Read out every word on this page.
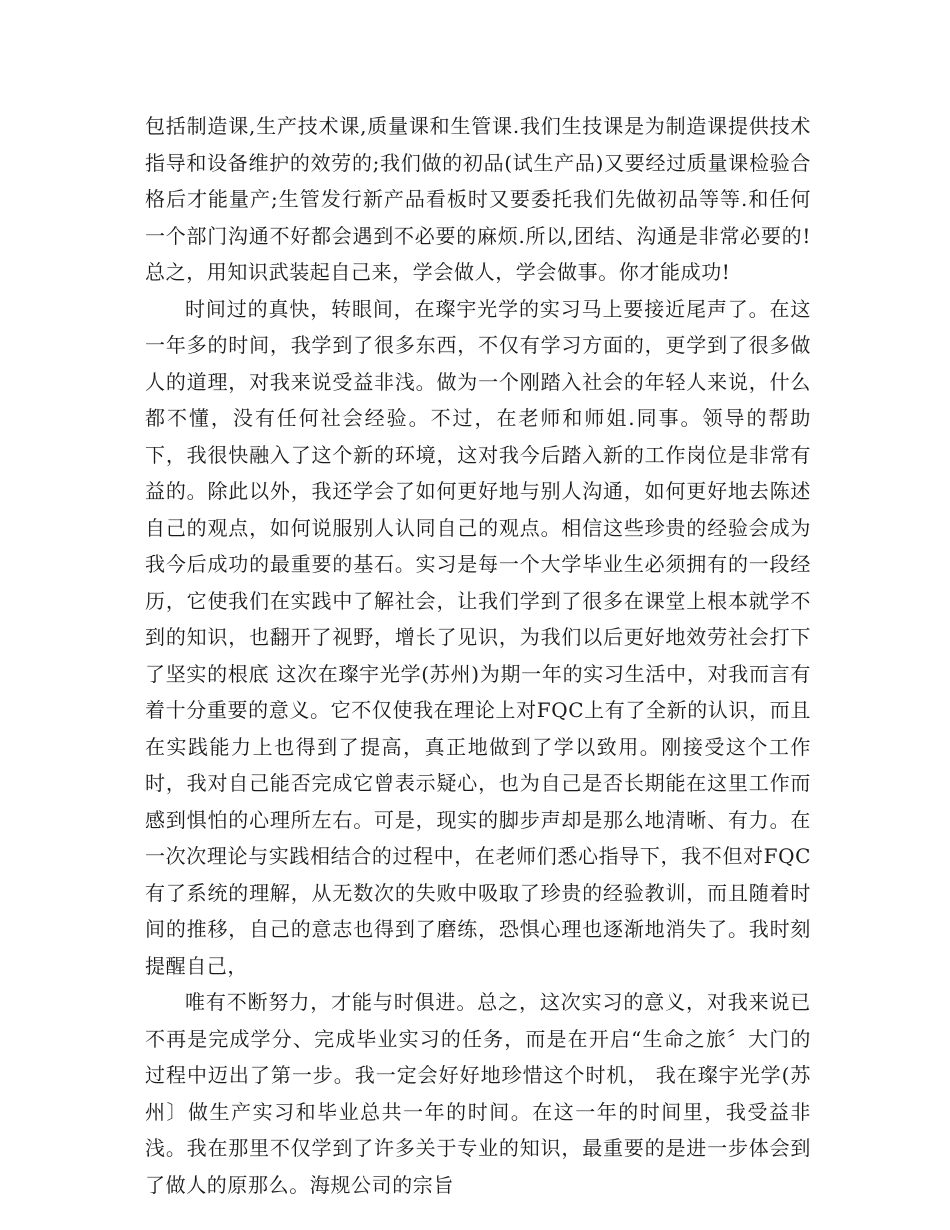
包括制造课,生产技术课,质量课和生管课.我们生技课是为制造课提供技术指导和设备维护的效劳的;我们做的初品(试生产品)又要经过质量课检验合格后才能量产;生管发行新产品看板时又要委托我们先做初品等等.和任何一个部门沟通不好都会遇到不必要的麻烦.所以,团结、沟通是非常必要的!总之，用知识武装起自己来，学会做人，学会做事。你才能成功!

时间过的真快，转眼间，在璨宇光学的实习马上要接近尾声了。在这一年多的时间，我学到了很多东西，不仅有学习方面的，更学到了很多做人的道理，对我来说受益非浅。做为一个刚踏入社会的年轻人来说，什么都不懂，没有任何社会经验。不过，在老师和师姐.同事。领导的帮助下，我很快融入了这个新的环境，这对我今后踏入新的工作岗位是非常有益的。除此以外，我还学会了如何更好地与别人沟通，如何更好地去陈述自己的观点，如何说服别人认同自己的观点。相信这些珍贵的经验会成为我今后成功的最重要的基石。实习是每一个大学毕业生必须拥有的一段经历，它使我们在实践中了解社会，让我们学到了很多在课堂上根本就学不到的知识，也翻开了视野，增长了见识，为我们以后更好地效劳社会打下了坚实的根底 这次在璨宇光学(苏州)为期一年的实习生活中，对我而言有着十分重要的意义。它不仅使我在理论上对FQC上有了全新的认识，而且在实践能力上也得到了提高，真正地做到了学以致用。刚接受这个工作时，我对自己能否完成它曾表示疑心，也为自己是否长期能在这里工作而感到惧怕的心理所左右。可是，现实的脚步声却是那么地清晰、有力。在一次次理论与实践相结合的过程中，在老师们悉心指导下，我不但对FQC有了系统的理解，从无数次的失败中吸取了珍贵的经验教训，而且随着时间的推移，自己的意志也得到了磨练，恐惧心理也逐渐地消失了。我时刻提醒自己，

唯有不断努力，才能与时俱进。总之，这次实习的意义，对我来说已不再是完成学分、完成毕业实习的任务，而是在开启“生命之旅〞大门的过程中迈出了第一步。我一定会好好地珍惜这个时机， 我在璨宇光学(苏州〕做生产实习和毕业总共一年的时间。在这一年的时间里，我受益非浅。我在那里不仅学到了许多关于专业的知识，最重要的是进一步体会到了做人的原那么。海规公司的宗旨
